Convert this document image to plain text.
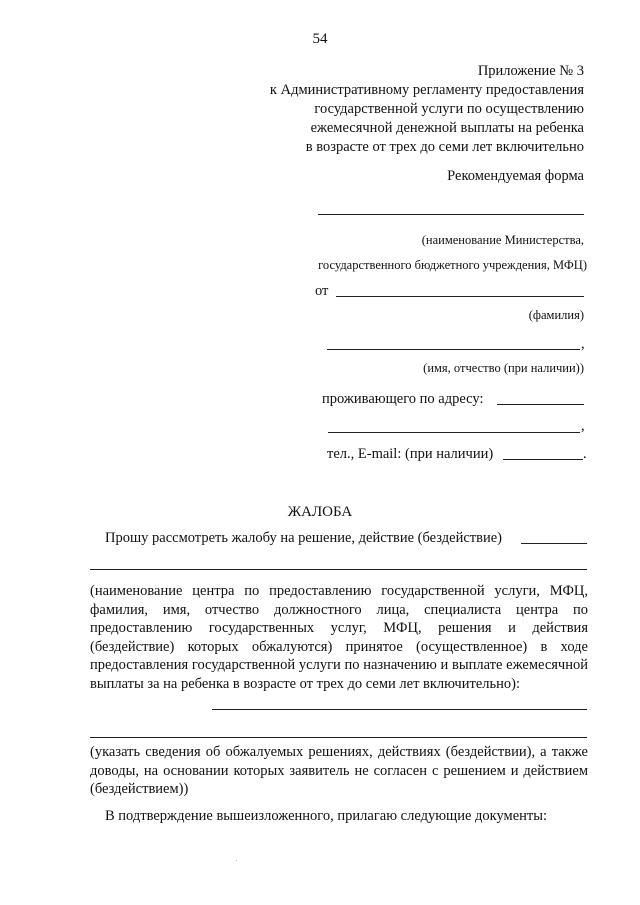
54
Приложение № 3
к Административному регламенту предоставления
государственной услуги по осуществлению
ежемесячной денежной выплаты на ребенка
в возрасте от трех до семи лет включительно
Рекомендуемая форма
(наименование Министерства,
государственного бюджетного учреждения, МФЦ)
от
(фамилия)
,
(имя, отчество (при наличии))
проживающего по адресу:
,
тел., E-mail: (при наличии)	.
ЖАЛОБА
Прошу рассмотреть жалобу на решение, действие (бездействие)
(наименование центра по предоставлению государственной услуги, МФЦ, фамилия, имя, отчество должностного лица, специалиста центра по предоставлению государственных услуг, МФЦ, решения и действия (бездействие) которых обжалуются) принятое (осуществленное) в ходе предоставления государственной услуги по назначению и выплате ежемесячной выплаты за на ребенка в возрасте от трех до семи лет включительно):
(указать сведения об обжалуемых решениях, действиях (бездействии), а также доводы, на основании которых заявитель не согласен с решением и действием (бездействием))
В подтверждение вышеизложенного, прилагаю следующие документы:
